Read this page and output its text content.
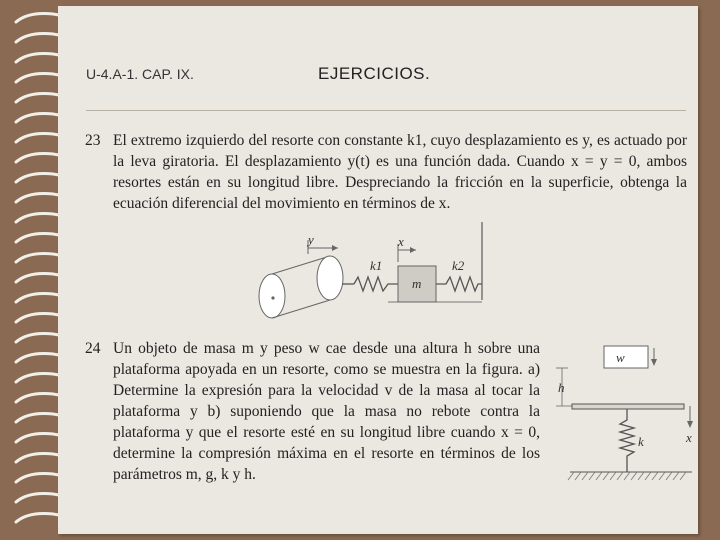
U-4.A-1. CAP. IX.	EJERCICIOS.
23 El extremo izquierdo del resorte con constante k1, cuyo desplazamiento es y, es actuado por la leva giratoria. El desplazamiento y(t) es una función dada. Cuando x = y = 0, ambos resortes están en su longitud libre. Despreciando la fricción en la superficie, obtenga la ecuación diferencial del movimiento en términos de x.
y
k1
x
m
k2
24 Un objeto de masa m y peso w cae desde una altura h sobre una plataforma apoyada en un resorte, como se muestra en la figura. a) Determine la expresión para la velocidad v de la masa al tocar la plataforma y b) suponiendo que la masa no rebote contra la plataforma y que el resorte esté en su longitud libre cuando x = 0, determine la compresión máxima en el resorte en términos de los parámetros m, g, k y h.
w
h
k	x
